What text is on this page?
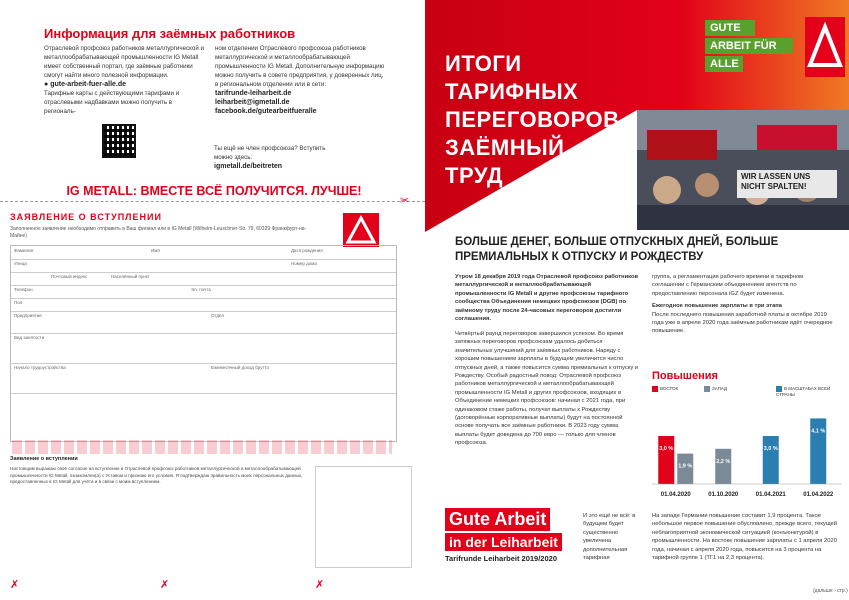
Информация для заёмных работников
Отраслевой профсоюз работников металлургической и металлообрабатывающей промышленности IG Metall имеет собственный портал, где заёмные работники смогут найти много полезной информации.
● gute-arbeit-fuer-alle.de
Тарифные карты с действующими тарифами и отраслевыми надбавками можно получить в региональ-
ном отделении Отраслевого профсоюза работников металлургической и металлообрабатывающей промышленности IG Metall. Дополнительную информацию можно получить в совете предприятия, у доверенных лиц, в региональном отделении или в сети:
tarifrunde-leiharbeit.de
leiharbeit@igmetall.de
facebook.de/gutearbeitfueralle
Ты ещё не член профсоюза? Вступить можно здесь:
igmetall.de/beitreten
IG METALL: ВМЕСТЕ ВСЁ ПОЛУЧИТСЯ. ЛУЧШЕ!
✂
ЗАЯВЛЕНИЕ О ВСТУПЛЕНИИ
Заполненное заявление необходимо отправить в Ваш филиал или в IG Metall (Wilhelm-Leuschner-Str. 79, 60329 Франкфурт-на-Майне)
Фамилия	Имя	Дата рождения
Улица	Номер дома
Почтовый индекс	Населённый пункт
Телефон	Эл. почта
Пол
Предприятие	Отдел
Вид занятости
Начало трудоустройства	Ежемесячный доход брутто
Заявление о вступлении
Настоящим выражаю своё согласие на вступление в Отраслевой профсоюз работников металлургической и металлообрабатывающей промышленности IG Metall, ознакомлен(а) с Уставом и признаю его условия. Я подтверждаю правильность моих персональных данных, предоставленных в IG Metall для учёта и в связи с моим вступлением.
✗	✗	✗
ИТОГИ
ТАРИФНЫХ
ПЕРЕГОВОРОВ
ЗАЁМНЫЙ
ТРУД
GUTE
ARBEIT FÜR
ALLE
WIR LASSEN UNS NICHT SPALTEN!
БОЛЬШЕ ДЕНЕГ, БОЛЬШЕ ОТПУСКНЫХ ДНЕЙ, БОЛЬШЕ ПРЕМИАЛЬНЫХ К ОТПУСКУ И РОЖДЕСТВУ
Утром 18 декабря 2019 года Отраслевой профсоюз работников металлургической и металлообрабатывающей промышленности IG Metall и другие профсоюзы тарифного сообщества Объединения немецких профсоюзов (DGB) по заёмному труду после 24-часовых переговоров достигли соглашения.
Четвёртый раунд переговоров завершился успехом. Во время затяжных переговоров профсоюзам удалось добиться значительных улучшений для заёмных работников. Наряду с хорошим повышением зарплаты в будущем увеличится число отпускных дней, а также повысится сумма премиальных к отпуску и Рождеству. Особый радостный повод: Отраслевой профсоюз работников металлургической и металлообрабатывающей промышленности IG Metall и других профсоюзов, входящих в Объединение немецких профсоюзов: начиная с 2021 года, при одинаковом стаже работы, получат выплаты к Рождеству (договорённые корпоративные выплаты) будут на постоянной основе получать все заёмные работники. В 2023 году сумма выплаты будет доведена до 700 евро — только для членов профсоюза.
группа, а регламентация рабочего времени в тарифном соглашении с Германским объединением агентств по предоставлению персонала iGZ будет изменена.
Ежегодное повышение зарплаты в три этапа
После последнего повышения заработной платы в октябре 2019 года уже в апреле 2020 года заёмным работникам идёт очередное повышение.
Повышения
ВОСТОК	ЗАПАД	В МАСШТАБАХ ВСЕЙ СТРАНЫ
3,0 %
1,9 %
01.04.2020
2,2 %
01.10.2020
3,0 %
01.04.2021
4,1 %
01.04.2022
Gute Arbeit in der Leiharbeit
Tarifrunde Leiharbeit 2019/2020
И это ещё не всё: в будущем будет существенно увеличена дополнительная тарифная
На западе Германии повышение составит 1,9 процента. Такое небольшое первое повышение обусловлено, прежде всего, текущей неблагоприятной экономической ситуацией (конъюнктурой) в промышленности. На востоке повышение зарплаты с 1 апреля 2020 года, начиная с апреля 2020 года, повысится на 3 процента на тарифной группе 1 (ТГ1 на 2,3 процента).
(дальше › стр.)
